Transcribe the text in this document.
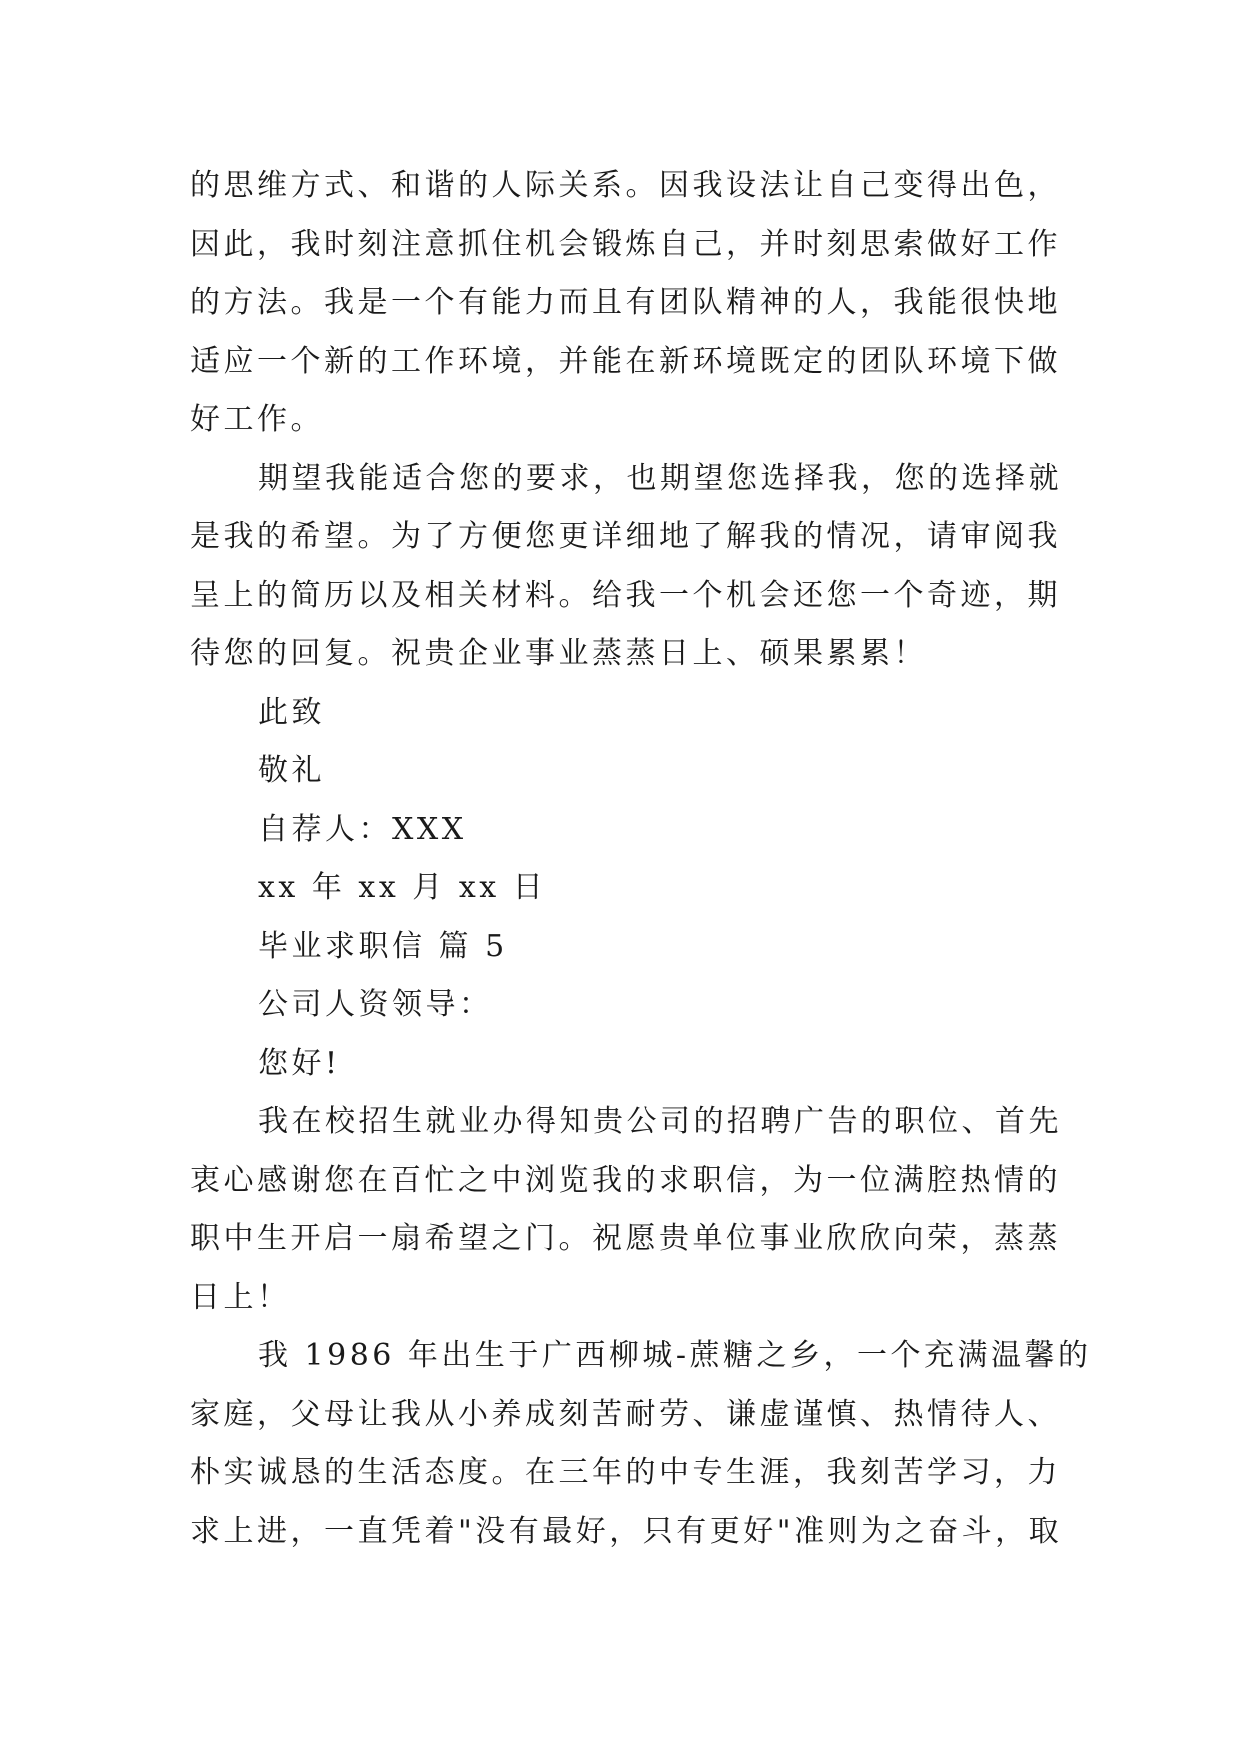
的思维方式、和谐的人际关系。因我设法让自己变得出色，
因此，我时刻注意抓住机会锻炼自己，并时刻思索做好工作
的方法。我是一个有能力而且有团队精神的人，我能很快地
适应一个新的工作环境，并能在新环境既定的团队环境下做
好工作。
期望我能适合您的要求，也期望您选择我，您的选择就
是我的希望。为了方便您更详细地了解我的情况，请审阅我
呈上的简历以及相关材料。给我一个机会还您一个奇迹，期
待您的回复。祝贵企业事业蒸蒸日上、硕果累累！
此致
敬礼
自荐人：XXX
xx 年 xx 月 xx 日
毕业求职信 篇 5
公司人资领导：
您好!
我在校招生就业办得知贵公司的招聘广告的职位、首先
衷心感谢您在百忙之中浏览我的求职信，为一位满腔热情的
职中生开启一扇希望之门。祝愿贵单位事业欣欣向荣，蒸蒸
日上！
我 1986 年出生于广西柳城-蔗糖之乡，一个充满温馨的
家庭，父母让我从小养成刻苦耐劳、谦虚谨慎、热情待人、
朴实诚恳的生活态度。在三年的中专生涯，我刻苦学习，力
求上进，一直凭着"没有最好，只有更好"准则为之奋斗，取
